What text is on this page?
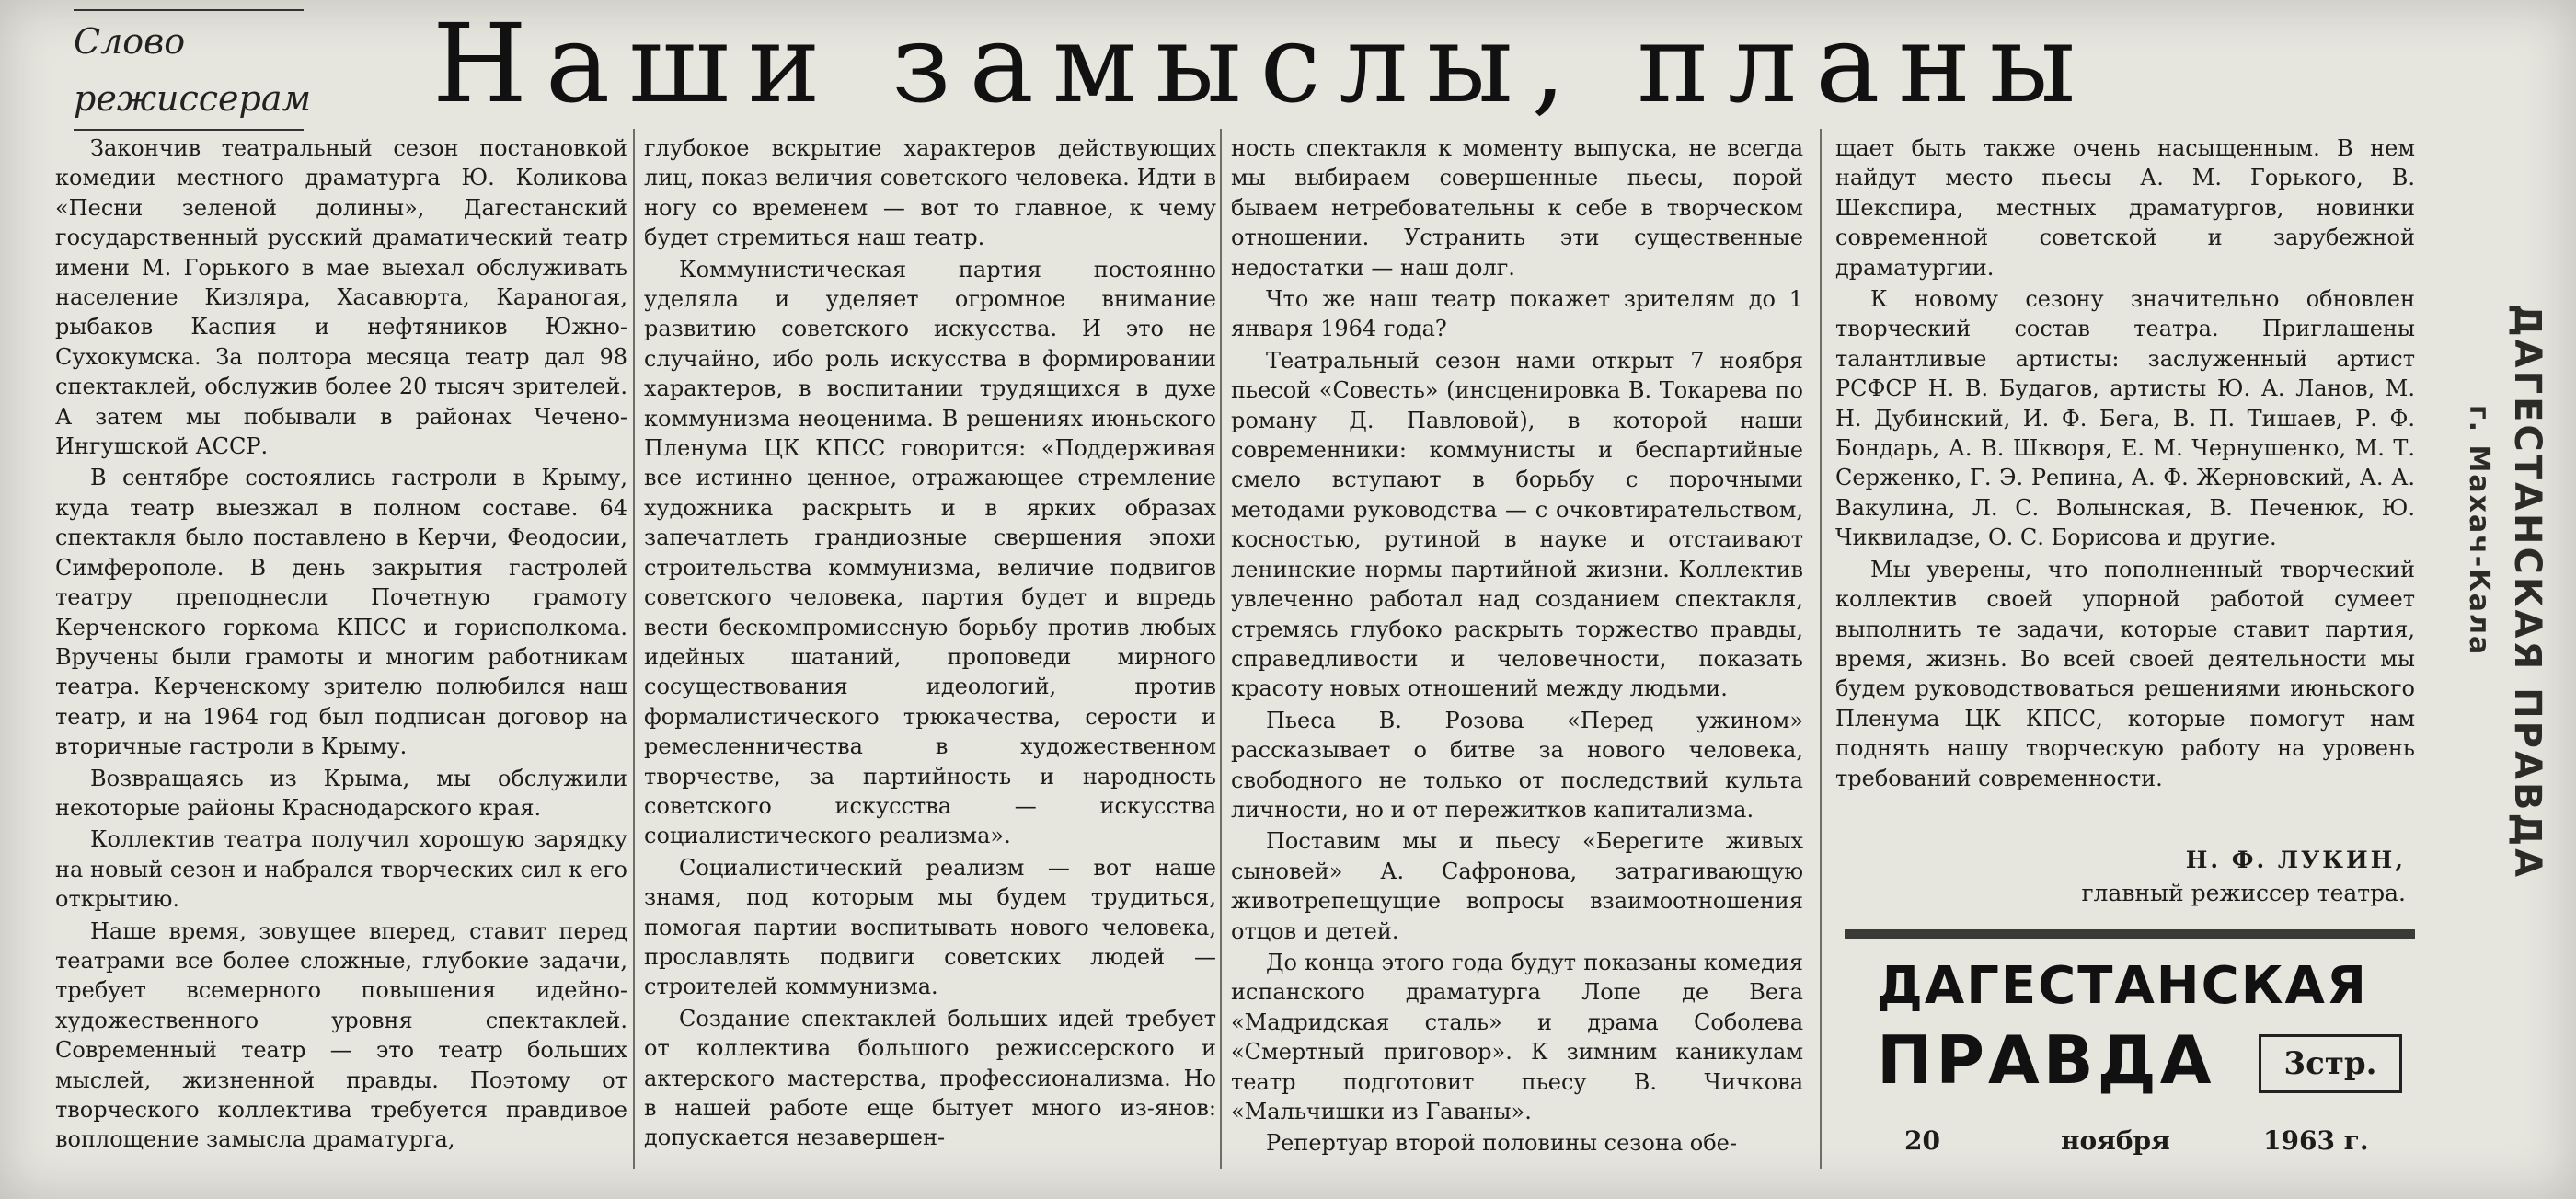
Слово
режиссерам Наши замыслы, планы

Закончив театральный сезон постановкой комедии местного драматурга Ю. Коликова «Песни зеленой долины», Дагестанский государственный русский драматический театр имени М. Горького в мае выехал обслуживать население Кизляра, Хасавюрта, Караногая, рыбаков Каспия и нефтяников Южно-Сухокумска. За полтора месяца театр дал 98 спектаклей, обслужив более 20 тысяч зрителей. А затем мы побывали в районах Чечено-Ингушской АССР.

В сентябре состоялись гастроли в Крыму, куда театр выезжал в полном составе. 64 спектакля было поставлено в Керчи, Феодосии, Симферополе. В день закрытия гастролей театру преподнесли Почетную грамоту Керченского горкома КПСС и горисполкома. Вручены были грамоты и многим работникам театра. Керченскому зрителю полюбился наш театр, и на 1964 год был подписан договор на вторичные гастроли в Крыму.

Возвращаясь из Крыма, мы обслужили некоторые районы Краснодарского края.

Коллектив театра получил хорошую зарядку на новый сезон и набрался творческих сил к его открытию.

Наше время, зовущее вперед, ставит перед театрами все более сложные, глубокие задачи, требует всемерного повышения идейно-художественного уровня спектаклей. Современный театр — это театр больших мыслей, жизненной правды. Поэтому от творческого коллектива требуется правдивое воплощение замысла драматурга,

глубокое вскрытие характеров действующих лиц, показ величия советского человека. Идти в ногу со временем — вот то главное, к чему будет стремиться наш театр.

Коммунистическая партия постоянно уделяла и уделяет огромное внимание развитию советского искусства. И это не случайно, ибо роль искусства в формировании характеров, в воспитании трудящихся в духе коммунизма неоценима. В решениях июньского Пленума ЦК КПСС говорится: «Поддерживая все истинно ценное, отражающее стремление художника раскрыть и в ярких образах запечатлеть грандиозные свершения эпохи строительства коммунизма, величие подвигов советского человека, партия будет и впредь вести бескомпромиссную борьбу против любых идейных шатаний, проповеди мирного сосуществования идеологий, против формалистического трюкачества, серости и ремесленничества в художественном творчестве, за партийность и народность советского искусства — искусства социалистического реализма».

Социалистический реализм — вот наше знамя, под которым мы будем трудиться, помогая партии воспитывать нового человека, прославлять подвиги советских людей — строителей коммунизма.

Создание спектаклей больших идей требует от коллектива большого режиссерского и актерского мастерства, профессионализма. Но в нашей работе еще бытует много из-янов: допускается незавершен-

ность спектакля к моменту выпуска, не всегда мы выбираем совершенные пьесы, порой бываем нетребовательны к себе в творческом отношении. Устранить эти существенные недостатки — наш долг.

Что же наш театр покажет зрителям до 1 января 1964 года?

Театральный сезон нами открыт 7 ноября пьесой «Совесть» (инсценировка В. Токарева по роману Д. Павловой), в которой наши современники: коммунисты и беспартийные смело вступают в борьбу с порочными методами руководства — с очковтирательством, косностью, рутиной в науке и отстаивают ленинские нормы партийной жизни. Коллектив увлеченно работал над созданием спектакля, стремясь глубоко раскрыть торжество правды, справедливости и человечности, показать красоту новых отношений между людьми.

Пьеса В. Розова «Перед ужином» рассказывает о битве за нового человека, свободного не только от последствий культа личности, но и от пережитков капитализма.

Поставим мы и пьесу «Берегите живых сыновей» А. Сафронова, затрагивающую животрепещущие вопросы взаимоотношения отцов и детей.

До конца этого года будут показаны комедия испанского драматурга Лопе де Вега «Мадридская сталь» и драма Соболева «Смертный приговор». К зимним каникулам театр подготовит пьесу В. Чичкова «Мальчишки из Гаваны».

Репертуар второй половины сезона обе-

щает быть также очень насыщенным. В нем найдут место пьесы А. М. Горького, В. Шекспира, местных драматургов, новинки современной советской и зарубежной драматургии.

К новому сезону значительно обновлен творческий состав театра. Приглашены талантливые артисты: заслуженный артист РСФСР Н. В. Будагов, артисты Ю. А. Ланов, М. Н. Дубинский, И. Ф. Бега, В. П. Тишаев, Р. Ф. Бондарь, А. В. Шкворя, Е. М. Чернушенко, М. Т. Серженко, Г. Э. Репина, А. Ф. Жерновский, А. А. Вакулина, Л. С. Волынская, В. Печенюк, Ю. Чиквиладзе, О. С. Борисова и другие.

Мы уверены, что пополненный творческий коллектив своей упорной работой сумеет выполнить те задачи, которые ставит партия, время, жизнь. Во всей своей деятельности мы будем руководствоваться решениями июньского Пленума ЦК КПСС, которые помогут нам поднять нашу творческую работу на уровень требований современности.

Н. Ф. ЛУКИН,
главный режиссер театра.
ДАГЕСТАНСКАЯ
ПРАВДА	3стр.
20	ноября	1963 г.
ДАГЕСТАНСКАЯ ПРАВДА
г. Махач-Кала
